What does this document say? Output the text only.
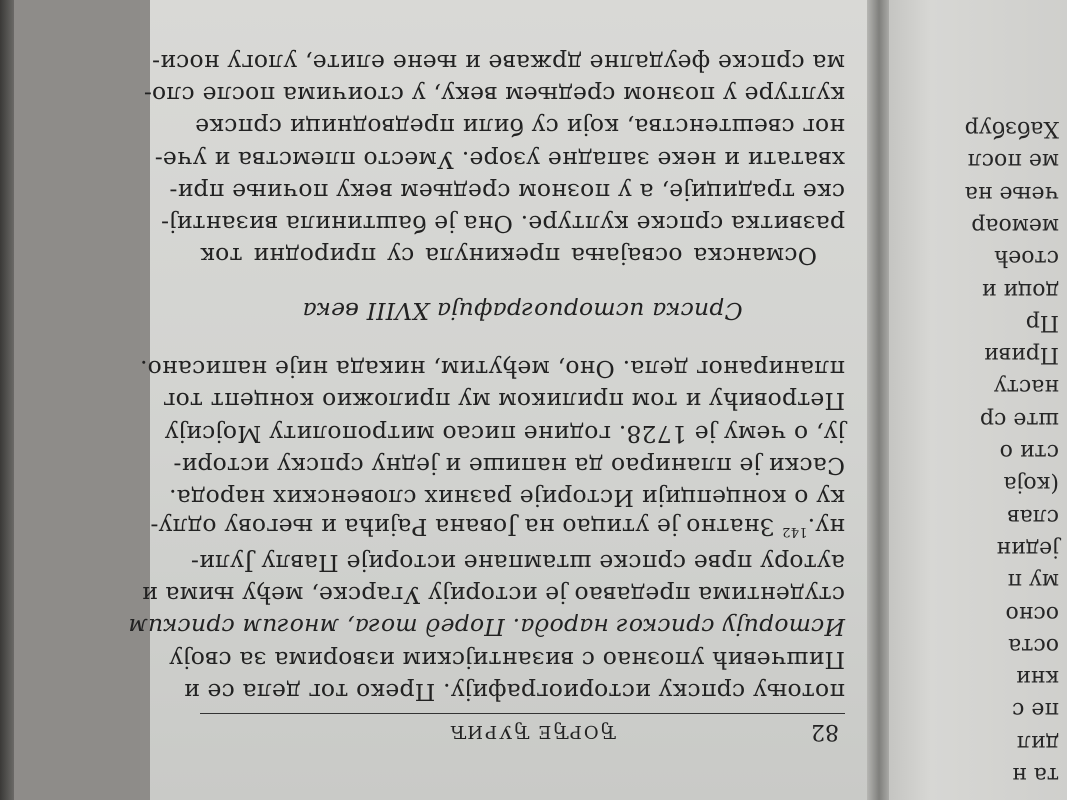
та н
дил
пе с
кни
оста
осно
му п
једин
слав
(која
сти о
ште ср
насту
Приви
Пр
доци и
стоећ
мемоар
чење на
ме посл
Хабзбур
82
ЂОРЂЕ ЂУРИЋ
потоњу српску историографију. Преко тог дела се и
Пишчевић упознао с византијским изворима за своју
Историју српског народа. Поред тога, многим српским
студентима предавао је историју Угарске, међу њима и
аутору прве српске штампане историје Павлу Јули-
ну.$^{142}$ Знатно је утицао на Јована Рајића и његову одлу-
ку о концепцији Историје разних словенских народа.
Саски је планирао да напише и једну српску истори-
ју, о чему је 1728. године писао митрополиту Мојсију
Петровићу и том приликом му приложио концепт тог
планираног дела. Оно, међутим, никада није написано.
Српска историографија XVIII века
Османска освајања прекинула су природни ток
развитка српске културе. Она је баштинила византиј-
ске традиције, а у позном средњем веку почиње при-
хватати и неке западне узоре. Уместо племства и уче-
ног свештенства, који су били предводници српске
културе у позном средњем веку, у стоичима после сло-
ма српске феудалне државе и њене елите, улогу носи-
